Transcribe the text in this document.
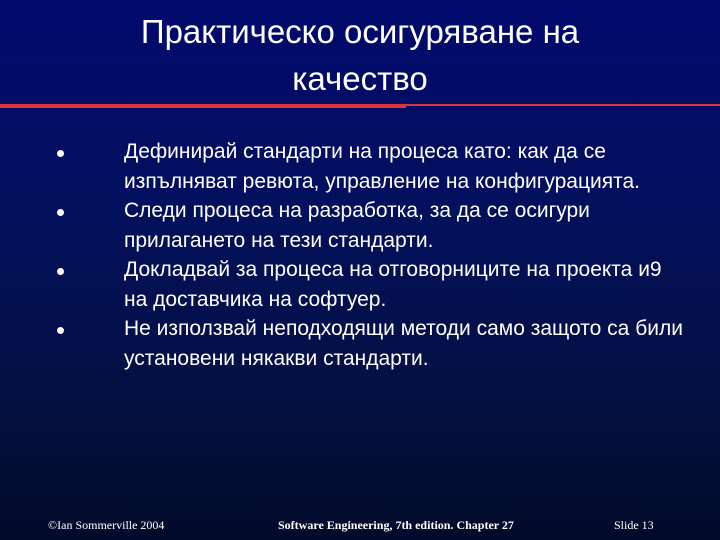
Практическо осигуряване на
качество
Дефинирай стандарти на процеса като: как да се изпълняват ревюта, управление на конфигурацията.
Следи процеса на разработка, за да се осигури прилагането на тези стандарти.
Докладвай за процеса на отговорниците на проекта и9 на доставчика на софтуер.
Не използвай неподходящи методи само защото са били установени някакви стандарти.
©Ian Sommerville 2004	Software Engineering, 7th edition. Chapter 27	Slide 13
